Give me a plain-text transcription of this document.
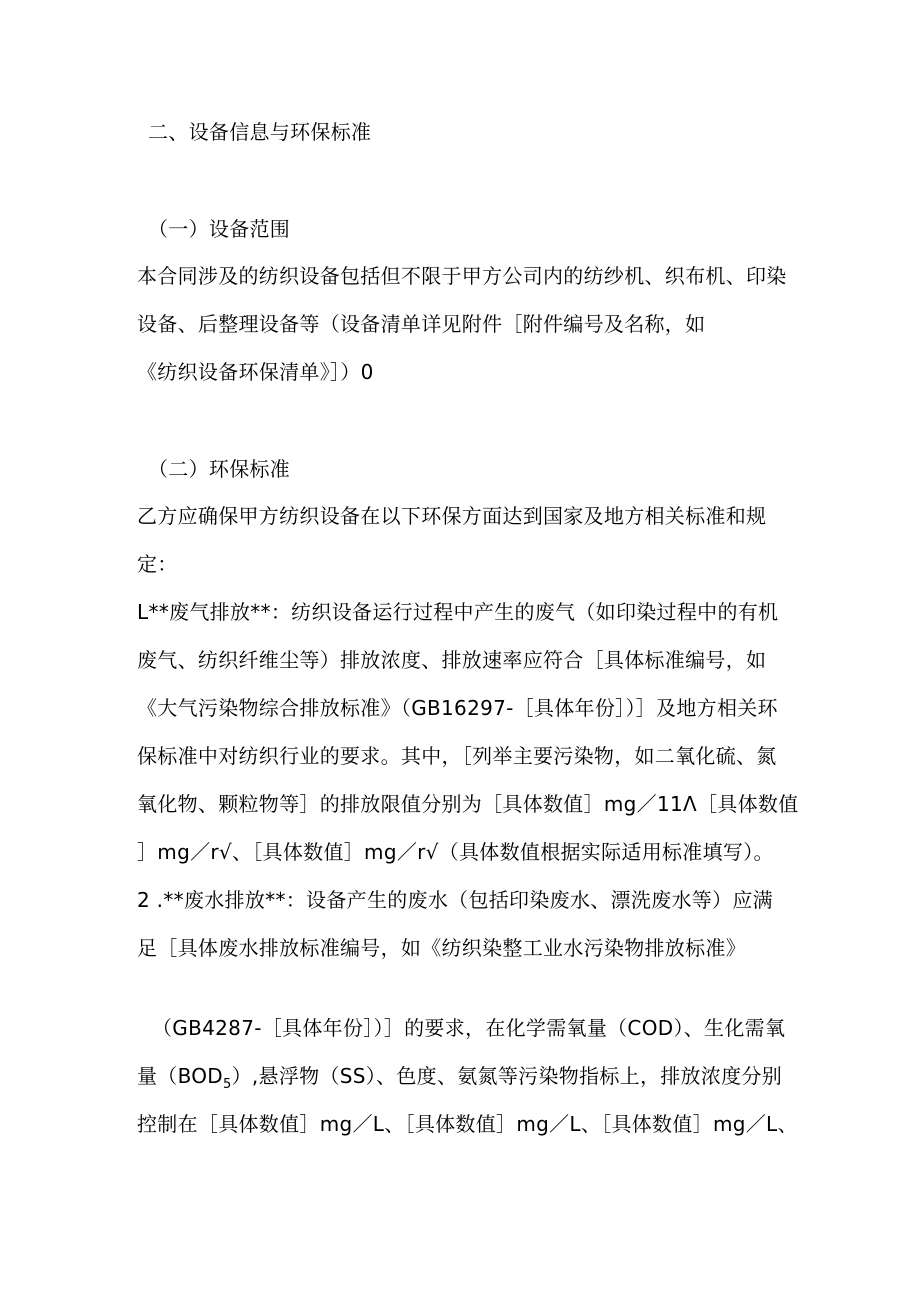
二、设备信息与环保标准
（一）设备范围
本合同涉及的纺织设备包括但不限于甲方公司内的纺纱机、织布机、印染
设备、后整理设备等（设备清单详见附件［附件编号及名称，如
《纺织设备环保清单》］）0
（二）环保标准
乙方应确保甲方纺织设备在以下环保方面达到国家及地方相关标准和规
定：
L**废气排放**：纺织设备运行过程中产生的废气（如印染过程中的有机
废气、纺织纤维尘等）排放浓度、排放速率应符合［具体标准编号，如
《大气污染物综合排放标准》（GB16297-［具体年份］）］及地方相关环
保标准中对纺织行业的要求。其中，［列举主要污染物，如二氧化硫、氮
氧化物、颗粒物等］的排放限值分别为［具体数值］mg／11Λ［具体数值
］mg／r√、［具体数值］mg／r√（具体数值根据实际适用标准填写）。
2 .**废水排放**：设备产生的废水（包括印染废水、漂洗废水等）应满
足［具体废水排放标准编号，如《纺织染整工业水污染物排放标准》
（GB4287-［具体年份］）］的要求，在化学需氧量（COD）、生化需氧
量$(BOD_5)$,悬浮物（SS）、色度、氨氮等污染物指标上，排放浓度分别
控制在［具体数值］mg／L、［具体数值］mg／L、［具体数值］mg／L、
